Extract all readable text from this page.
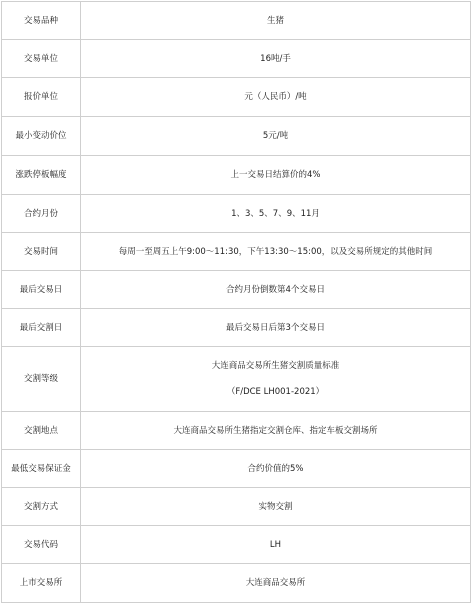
交易品种	生猪
交易单位	16吨/手
报价单位	元（人民币）/吨
最小变动价位	5元/吨
涨跌停板幅度	上一交易日结算价的4%
合约月份	1、3、5、7、9、11月
交易时间	每周一至周五上午9:00～11:30，下午13:30～15:00，以及交易所规定的其他时间
最后交易日	合约月份倒数第4个交易日
最后交割日	最后交易日后第3个交易日
交割等级	大连商品交易所生猪交割质量标准
（F/DCE LH001-2021）

交割地点	大连商品交易所生猪指定交割仓库、指定车板交割场所
最低交易保证金	合约价值的5%
交割方式	实物交割
交易代码	LH
上市交易所	大连商品交易所
